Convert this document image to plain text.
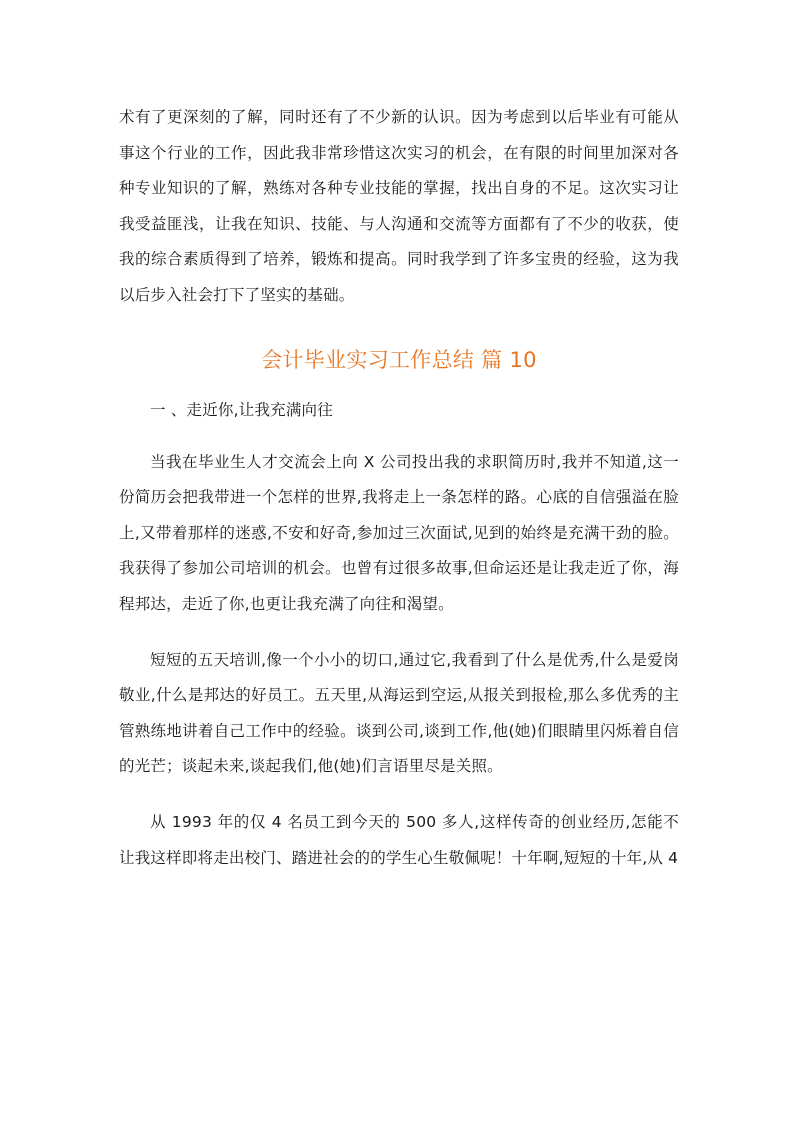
术有了更深刻的了解，同时还有了不少新的认识。因为考虑到以后毕业有可能从事这个行业的工作，因此我非常珍惜这次实习的机会，在有限的时间里加深对各种专业知识的了解，熟练对各种专业技能的掌握，找出自身的不足。这次实习让我受益匪浅，让我在知识、技能、与人沟通和交流等方面都有了不少的收获，使我的综合素质得到了培养，锻炼和提高。同时我学到了许多宝贵的经验，这为我以后步入社会打下了坚实的基础。

会计毕业实习工作总结 篇 10

一 、走近你,让我充满向往

当我在毕业生人才交流会上向 X 公司投出我的求职简历时,我并不知道,这一份简历会把我带进一个怎样的世界,我将走上一条怎样的路。心底的自信强溢在脸上,又带着那样的迷惑,不安和好奇,参加过三次面试,见到的始终是充满干劲的脸。我获得了参加公司培训的机会。也曾有过很多故事,但命运还是让我走近了你，海程邦达，走近了你,也更让我充满了向往和渴望。

短短的五天培训,像一个小小的切口,通过它,我看到了什么是优秀,什么是爱岗敬业,什么是邦达的好员工。五天里,从海运到空运,从报关到报检,那么多优秀的主管熟练地讲着自己工作中的经验。谈到公司,谈到工作,他(她)们眼睛里闪烁着自信的光芒；谈起未来,谈起我们,他(她)们言语里尽是关照。

从 1993 年的仅 4 名员工到今天的 500 多人,这样传奇的创业经历,怎能不让我这样即将走出校门、踏进社会的的学生心生敬佩呢！十年啊,短短的十年,从 4
